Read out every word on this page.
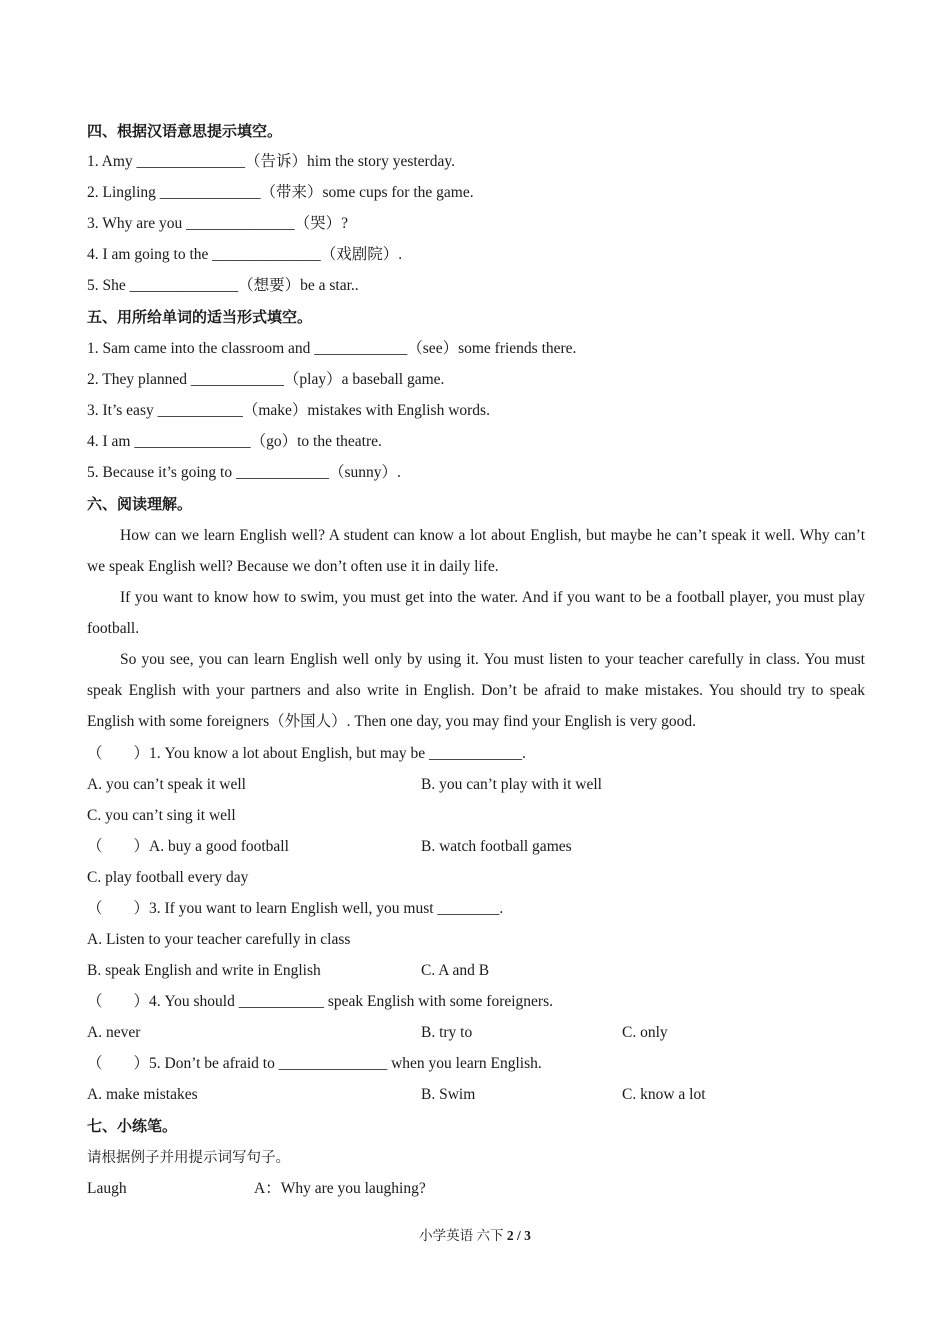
四、根据汉语意思提示填空。
1. Amy ______________（告诉）him the story yesterday.
2. Lingling _____________（带来）some cups for the game.
3. Why are you ______________（哭）?
4. I am going to the ______________（戏剧院）.
5. She ______________（想要）be a star..
五、用所给单词的适当形式填空。
1. Sam came into the classroom and ____________（see）some friends there.
2. They planned ____________（play）a baseball game.
3. It’s easy ___________（make）mistakes with English words.
4. I am _______________（go）to the theatre.
5. Because it’s going to ____________（sunny）.
六、阅读理解。
How can we learn English well? A student can know a lot about English, but maybe he can’t speak it well. Why can’t we speak English well? Because we don’t often use it in daily life.
If you want to know how to swim, you must get into the water. And if you want to be a football player, you must play football.
So you see, you can learn English well only by using it. You must listen to your teacher carefully in class. You must speak English with your partners and also write in English. Don’t be afraid to make mistakes. You should try to speak English with some foreigners（外国人）. Then one day, you may find your English is very good.
（　　）1. You know a lot about English, but may be ____________.
A. you can’t speak it well	B. you can’t play with it well
C. you can’t sing it well
（　　）A. buy a good football	B. watch football games
C. play football every day
（　　）3. If you want to learn English well, you must ________.
A. Listen to your teacher carefully in class
B. speak English and write in English	C. A and B
（　　）4. You should ___________ speak English with some foreigners.
A. never	B. try to	C. only
（　　）5. Don’t be afraid to ______________ when you learn English.
A. make mistakes	B. Swim	C. know a lot
七、小练笔。
请根据例子并用提示词写句子。
Laugh	A：Why are you laughing?
小学英语 六下 2 / 3
